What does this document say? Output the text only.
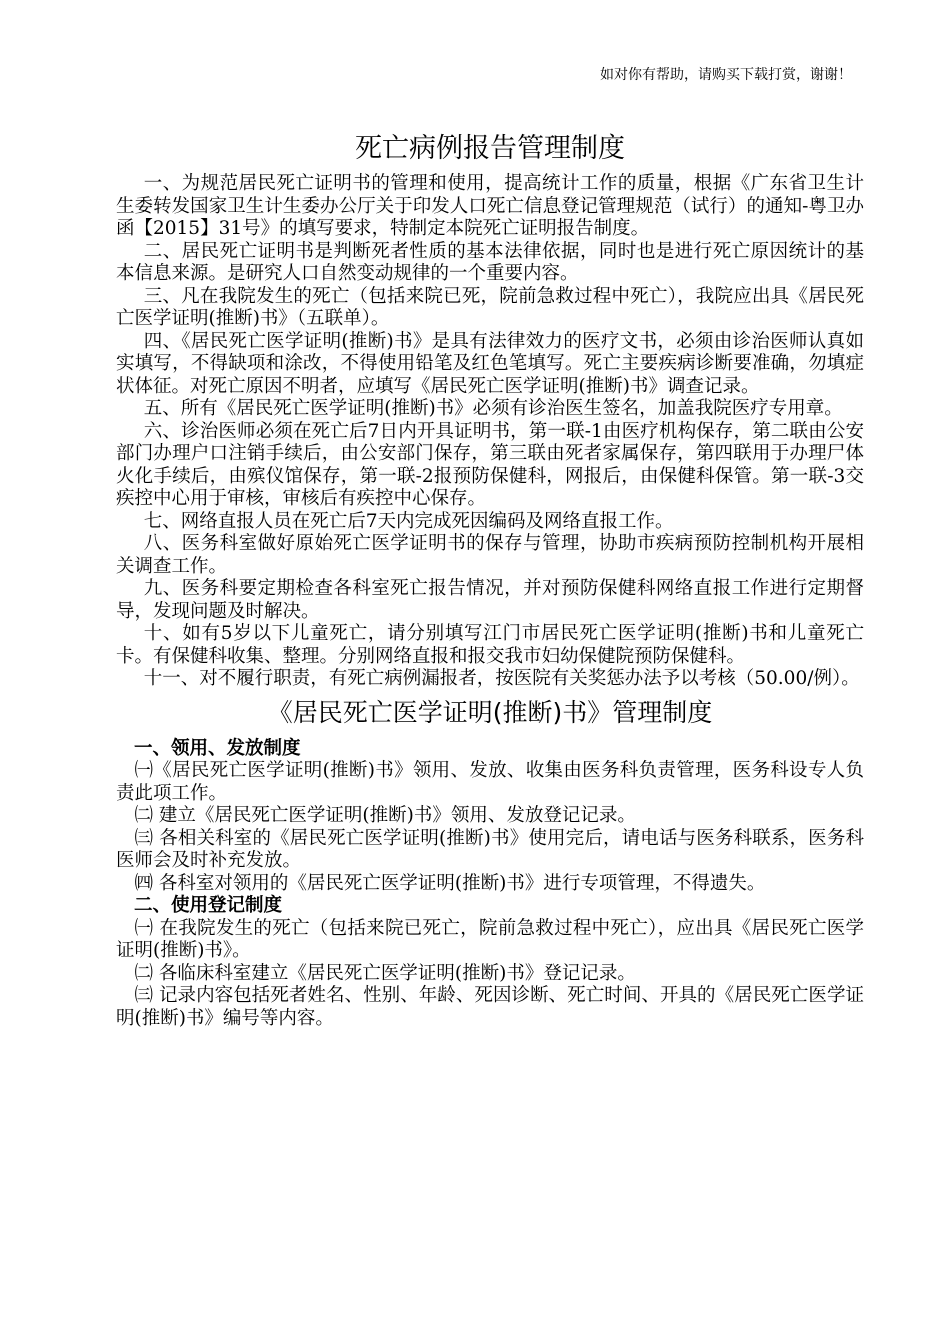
如对你有帮助，请购买下载打赏，谢谢！
死亡病例报告管理制度

一、为规范居民死亡证明书的管理和使用，提高统计工作的质量，根据《广东省卫生计生委转发国家卫生计生委办公厅关于印发人口死亡信息登记管理规范（试行）的通知-粤卫办函【2015】31号》的填写要求，特制定本院死亡证明报告制度。

二、居民死亡证明书是判断死者性质的基本法律依据，同时也是进行死亡原因统计的基本信息来源。是研究人口自然变动规律的一个重要内容。

三、凡在我院发生的死亡（包括来院已死，院前急救过程中死亡），我院应出具《居民死亡医学证明(推断)书》（五联单）。

四、《居民死亡医学证明(推断)书》是具有法律效力的医疗文书，必须由诊治医师认真如实填写，不得缺项和涂改，不得使用铅笔及红色笔填写。死亡主要疾病诊断要准确，勿填症状体征。对死亡原因不明者，应填写《居民死亡医学证明(推断)书》调查记录。

五、所有《居民死亡医学证明(推断)书》必须有诊治医生签名，加盖我院医疗专用章。

六、诊治医师必须在死亡后7日内开具证明书，第一联-1由医疗机构保存，第二联由公安部门办理户口注销手续后，由公安部门保存，第三联由死者家属保存，第四联用于办理尸体火化手续后，由殡仪馆保存，第一联-2报预防保健科，网报后，由保健科保管。第一联-3交疾控中心用于审核，审核后有疾控中心保存。

七、网络直报人员在死亡后7天内完成死因编码及网络直报工作。

八、医务科室做好原始死亡医学证明书的保存与管理，协助市疾病预防控制机构开展相关调查工作。

九、医务科要定期检查各科室死亡报告情况，并对预防保健科网络直报工作进行定期督导，发现问题及时解决。

十、如有5岁以下儿童死亡，请分别填写江门市居民死亡医学证明(推断)书和儿童死亡卡。有保健科收集、整理。分别网络直报和报交我市妇幼保健院预防保健科。

十一、对不履行职责，有死亡病例漏报者，按医院有关奖惩办法予以考核（50.00/例）。

《居民死亡医学证明(推断)书》管理制度
一、领用、发放制度

㈠《居民死亡医学证明(推断)书》领用、发放、收集由医务科负责管理，医务科设专人负责此项工作。

㈡ 建立《居民死亡医学证明(推断)书》领用、发放登记记录。

㈢ 各相关科室的《居民死亡医学证明(推断)书》使用完后，请电话与医务科联系，医务科医师会及时补充发放。

㈣ 各科室对领用的《居民死亡医学证明(推断)书》进行专项管理，不得遗失。

二、使用登记制度

㈠ 在我院发生的死亡（包括来院已死亡，院前急救过程中死亡），应出具《居民死亡医学证明(推断)书》。

㈡ 各临床科室建立《居民死亡医学证明(推断)书》登记记录。

㈢ 记录内容包括死者姓名、性别、年龄、死因诊断、死亡时间、开具的《居民死亡医学证明(推断)书》编号等内容。
